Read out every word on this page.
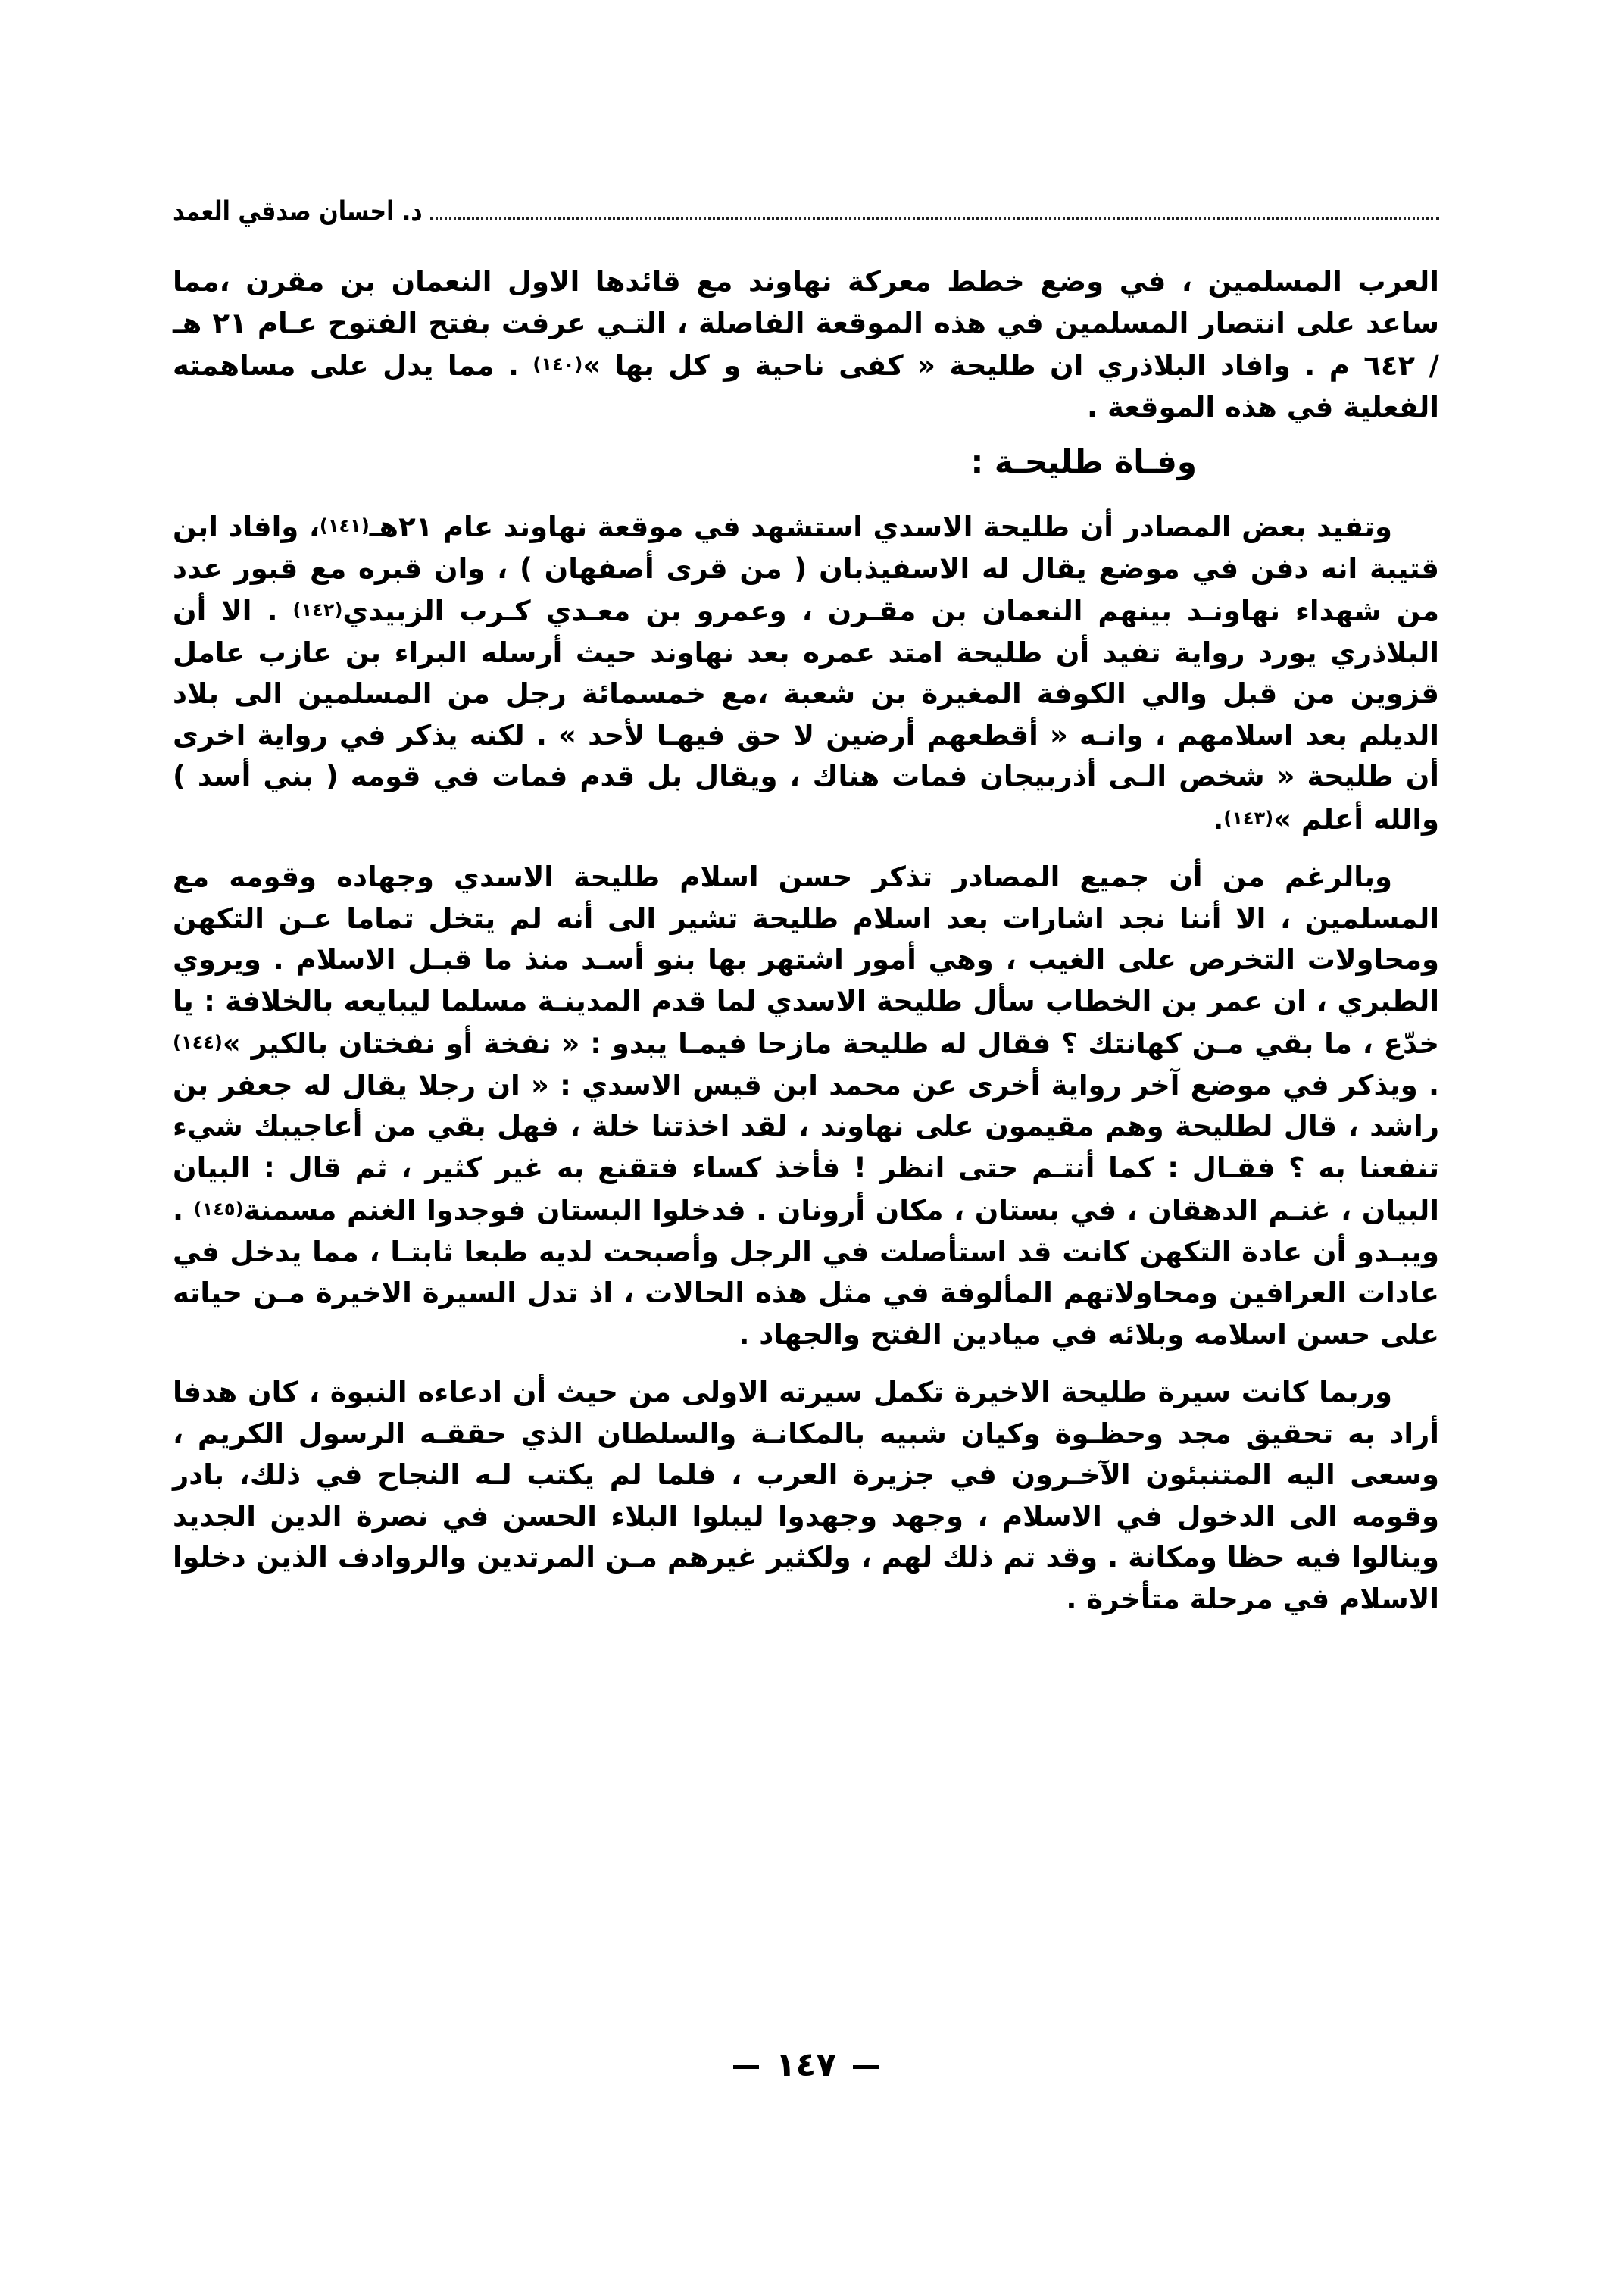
د. احسان صدقي العمد

العرب المسلمين ، في وضع خطط معركة نهاوند مع قائدها الاول النعمان بن مقرن ،مما ساعد على انتصار المسلمين في هذه الموقعة الفاصلة ، التـي عرفت بفتح الفتوح عـام ٢١ هـ / ٦٤٢ م . وافاد البلاذري ان طليحة « كفى ناحية و كل بها »(١٤٠) . مما يدل على مساهمته الفعلية في هذه الموقعة .

وفـاة طليحـة :

وتفيد بعض المصادر أن طليحة الاسدي استشهد في موقعة نهاوند عام ٢١هـ(١٤١)، وافاد ابن قتيبة انه دفن في موضع يقال له الاسفيذبان ( من قرى أصفهان ) ، وان قبره مع قبور عدد من شهداء نهاونـد بينهم النعمان بن مقـرن ، وعمرو بن معـدي كـرب الزبيدي(١٤٢) . الا أن البلاذري يورد رواية تفيد أن طليحة امتد عمره بعد نهاوند حيث أرسله البراء بن عازب عامل قزوين من قبل والي الكوفة المغيرة بن شعبة ،مع خمسمائة رجل من المسلمين الى بلاد الديلم بعد اسلامهم ، وانـه « أقطعهم أرضين لا حق فيهـا لأحد » . لكنه يذكر في رواية اخرى أن طليحة « شخص الـى أذربيجان فمات هناك ، ويقال بل قدم فمات في قومه ( بني أسد ) والله أعلم »(١٤٣).

وبالرغم من أن جميع المصادر تذكر حسن اسلام طليحة الاسدي وجهاده وقومه مع المسلمين ، الا أننا نجد اشارات بعد اسلام طليحة تشير الى أنه لم يتخل تماما عـن التكهن ومحاولات التخرص على الغيب ، وهي أمور اشتهر بها بنو أسـد منذ ما قبـل الاسلام . ويروي الطبري ، ان عمر بن الخطاب سأل طليحة الاسدي لما قدم المدينـة مسلما ليبايعه بالخلافة : يا خدّع ، ما بقي مـن كهانتك ؟ فقال له طليحة مازحا فيمـا يبدو : « نفخة أو نفختان بالكير »(١٤٤) . ويذكر في موضع آخر رواية أخرى عن محمد ابن قيس الاسدي : « ان رجلا يقال له جعفر بن راشد ، قال لطليحة وهم مقيمون على نهاوند ، لقد اخذتنا خلة ، فهل بقي من أعاجيبك شيء تنفعنا به ؟ فقـال : كما أنتـم حتى انظر ! فأخذ كساء فتقنع به غير كثير ، ثم قال : البيان البيان ، غنـم الدهقان ، في بستان ، مكان أرونان . فدخلوا البستان فوجدوا الغنم مسمنة(١٤٥) . ويبـدو أن عادة التكهن كانت قد استأصلت في الرجل وأصبحت لديه طبعا ثابتـا ، مما يدخل في عادات العرافين ومحاولاتهم المألوفة في مثل هذه الحالات ، اذ تدل السيرة الاخيرة مـن حياته على حسن اسلامه وبلائه في ميادين الفتح والجهاد .

وربما كانت سيرة طليحة الاخيرة تكمل سيرته الاولى من حيث أن ادعاءه النبوة ، كان هدفا أراد به تحقيق مجد وحظـوة وكيان شبيه بالمكانـة والسلطان الذي حققـه الرسول الكريم ، وسعى اليه المتنبئون الآخـرون في جزيرة العرب ، فلما لم يكتب لـه النجاح في ذلك، بادر وقومه الى الدخول في الاسلام ، وجهد وجهدوا ليبلوا البلاء الحسن في نصرة الدين الجديد وينالوا فيه حظا ومكانة . وقد تم ذلك لهم ، ولكثير غيرهم مـن المرتدين والروادف الذين دخلوا الاسلام في مرحلة متأخرة .

١٤٧
